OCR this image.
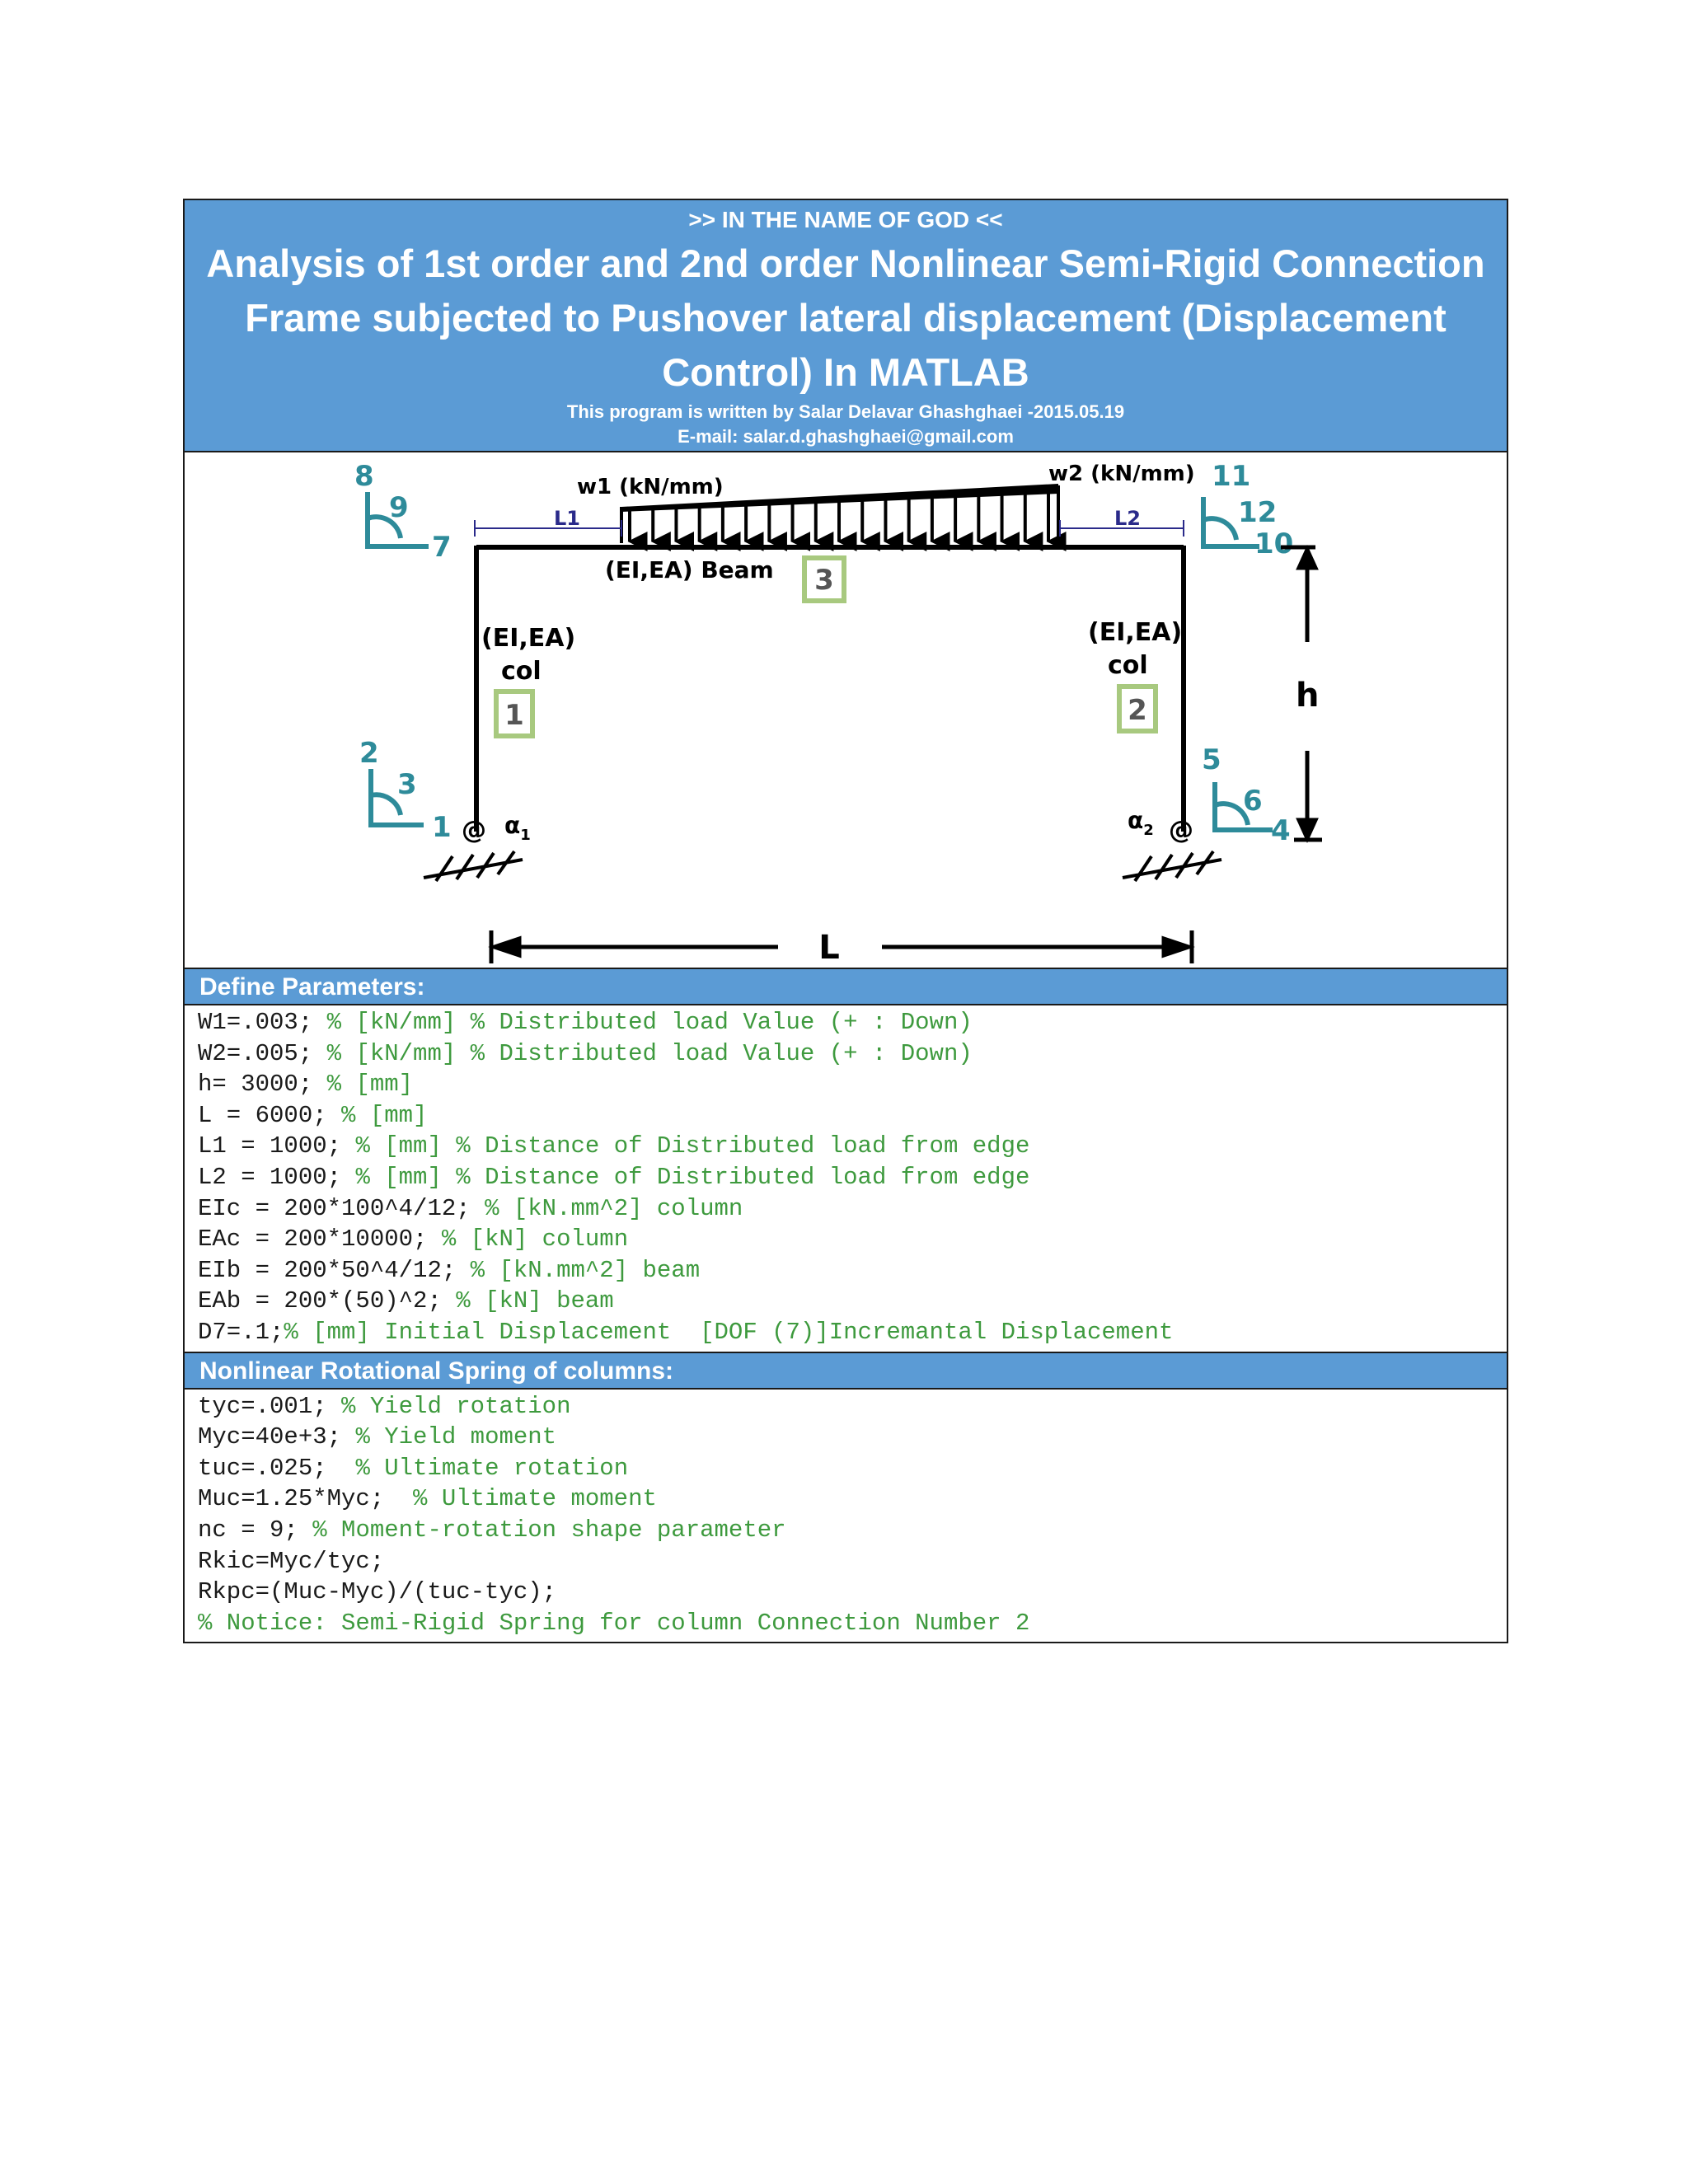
>> IN THE NAME OF GOD <<
Analysis of 1st order and 2nd order Nonlinear Semi-Rigid Connection
Frame subjected to Pushover lateral displacement (Displacement
Control) In MATLAB
This program is written by Salar Delavar Ghashghaei -2015.05.19
E-mail: salar.d.ghashghaei@gmail.com
L1	L2
w1 (kN/mm)
w2 (kN/mm)
(EI,EA) Beam 3
(EI,EA)
col
1
(EI,EA)
col
2
@ $\alpha_1$	@
$\alpha_2$
8
9
7
2
3
1
11
12
10
5
6
4
h
L
Define Parameters:
W1=.003; % [kN/mm] % Distributed load Value (+ : Down)
W2=.005; % [kN/mm] % Distributed load Value (+ : Down)
h= 3000; % [mm]
L = 6000; % [mm]
L1 = 1000; % [mm] % Distance of Distributed load from edge
L2 = 1000; % [mm] % Distance of Distributed load from edge
EIc = 200*100^4/12; % [kN.mm^2] column
EAc = 200*10000; % [kN] column
EIb = 200*50^4/12; % [kN.mm^2] beam
EAb = 200*(50)^2; % [kN] beam
D7=.1;% [mm] Initial Displacement  [DOF (7)]Incremantal Displacement
Nonlinear Rotational Spring of columns:
tyc=.001; % Yield rotation
Myc=40e+3; % Yield moment
tuc=.025;  % Ultimate rotation
Muc=1.25*Myc;  % Ultimate moment
nc = 9; % Moment-rotation shape parameter
Rkic=Myc/tyc;
Rkpc=(Muc-Myc)/(tuc-tyc);
% Notice: Semi-Rigid Spring for column Connection Number 2
